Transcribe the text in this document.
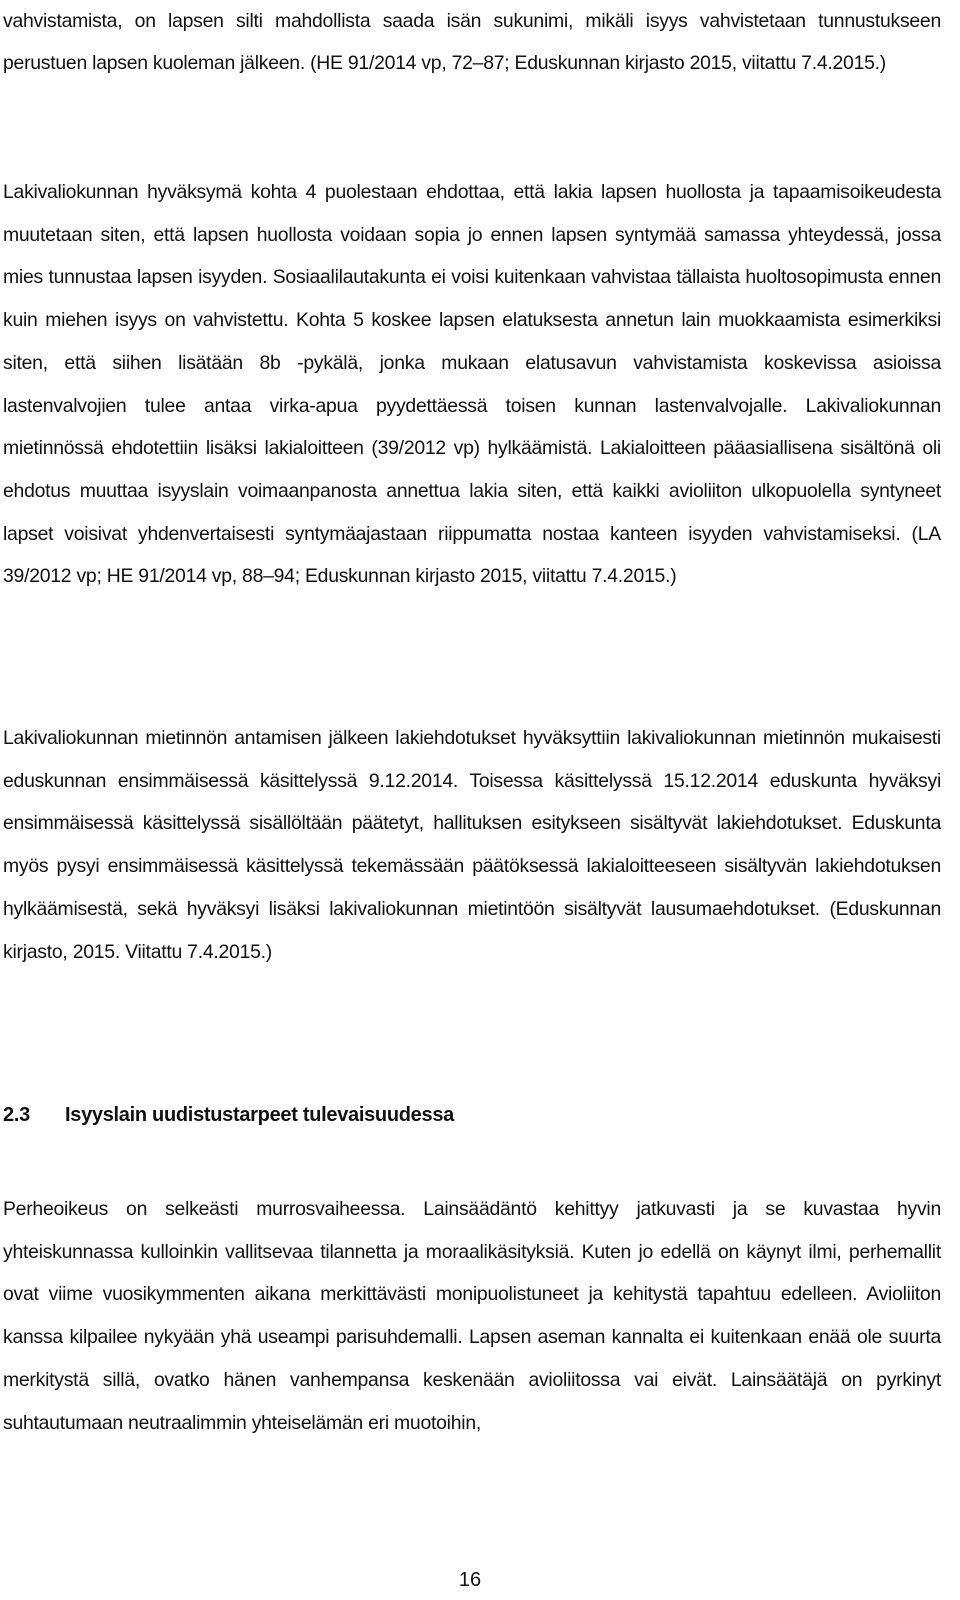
vahvistamista, on lapsen silti mahdollista saada isän sukunimi, mikäli isyys vahvistetaan tunnustukseen perustuen lapsen kuoleman jälkeen. (HE 91/2014 vp, 72–87; Eduskunnan kirjasto 2015, viitattu 7.4.2015.)

Lakivaliokunnan hyväksymä kohta 4 puolestaan ehdottaa, että lakia lapsen huollosta ja tapaamisoikeudesta muutetaan siten, että lapsen huollosta voidaan sopia jo ennen lapsen syntymää samassa yhteydessä, jossa mies tunnustaa lapsen isyyden. Sosiaalilautakunta ei voisi kuitenkaan vahvistaa tällaista huoltosopimusta ennen kuin miehen isyys on vahvistettu. Kohta 5 koskee lapsen elatuksesta annetun lain muokkaamista esimerkiksi siten, että siihen lisätään 8b -pykälä, jonka mukaan elatusavun vahvistamista koskevissa asioissa lastenvalvojien tulee antaa virka-apua pyydettäessä toisen kunnan lastenvalvojalle. Lakivaliokunnan mietinnössä ehdotettiin lisäksi lakialoitteen (39/2012 vp) hylkäämistä. Lakialoitteen pääasiallisena sisältönä oli ehdotus muuttaa isyyslain voimaanpanosta annettua lakia siten, että kaikki avioliiton ulkopuolella syntyneet lapset voisivat yhdenvertaisesti syntymäajastaan riippumatta nostaa kanteen isyyden vahvistamiseksi. (LA 39/2012 vp; HE 91/2014 vp, 88–94; Eduskunnan kirjasto 2015, viitattu 7.4.2015.)

Lakivaliokunnan mietinnön antamisen jälkeen lakiehdotukset hyväksyttiin lakivaliokunnan mietinnön mukaisesti eduskunnan ensimmäisessä käsittelyssä 9.12.2014. Toisessa käsittelyssä 15.12.2014 eduskunta hyväksyi ensimmäisessä käsittelyssä sisällöltään päätetyt, hallituksen esitykseen sisältyvät lakiehdotukset. Eduskunta myös pysyi ensimmäisessä käsittelyssä tekemässään päätöksessä lakialoitteeseen sisältyvän lakiehdotuksen hylkäämisestä, sekä hyväksyi lisäksi lakivaliokunnan mietintöön sisältyvät lausumaehdotukset. (Eduskunnan kirjasto, 2015. Viitattu 7.4.2015.)

2.3 Isyyslain uudistustarpeet tulevaisuudessa

Perheoikeus on selkeästi murrosvaiheessa. Lainsäädäntö kehittyy jatkuvasti ja se kuvastaa hyvin yhteiskunnassa kulloinkin vallitsevaa tilannetta ja moraalikäsityksiä. Kuten jo edellä on käynyt ilmi, perhemallit ovat viime vuosikymmenten aikana merkittävästi monipuolistuneet ja kehitystä tapahtuu edelleen. Avioliiton kanssa kilpailee nykyään yhä useampi parisuhdemalli. Lapsen aseman kannalta ei kuitenkaan enää ole suurta merkitystä sillä, ovatko hänen vanhempansa keskenään avioliitossa vai eivät. Lainsäätäjä on pyrkinyt suhtautumaan neutraalimmin yhteiselämän eri muotoihin,

16
